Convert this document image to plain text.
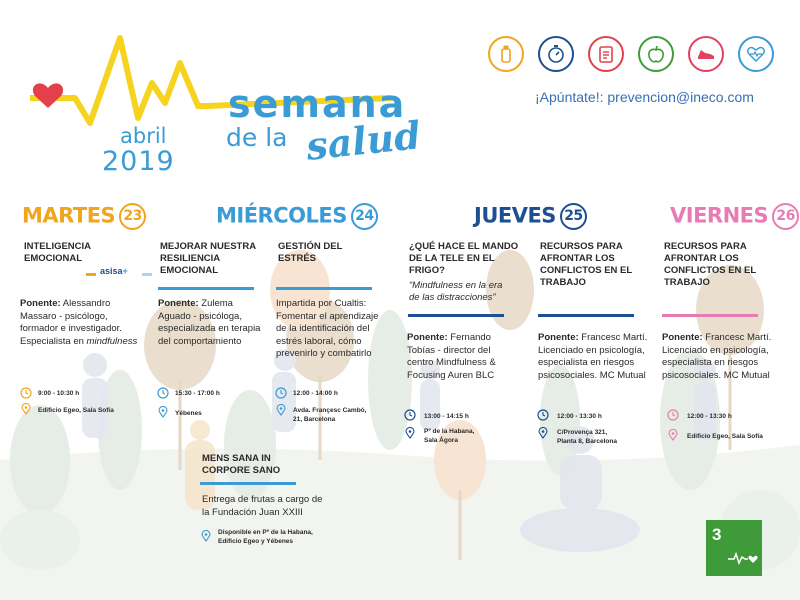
semana
de la salud
abril
2019
¡Apúntate!: prevencion@ineco.com
MARTES 23	MIÉRCOLES 24	JUEVES 25	VIERNES 26
INTELIGENCIA
EMOCIONAL
asisa+
Ponente: Alessandro
Massaro - psicólogo,
formador e investigador.
Especialista en mindfulness
9:00 - 10:30 h
Edificio Egeo, Sala Sofía
MEJORAR NUESTRA
RESILIENCIA
EMOCIONAL
Ponente: Zulema
Aguado - psicóloga,
especializada en terapia
del comportamiento
15:30 - 17:00 h
Yébenes
GESTIÓN DEL
ESTRÉS
Impartida por Cualtis:
Fomentar el aprendizaje
de la identificación del
estrés laboral, cómo
prevenirlo y combatirlo
12:00 - 14:00 h
Avda. Françesc Cambó,
21, Barcelona
MENS SANA IN
CORPORE SANO
Entrega de frutas a cargo de
la Fundación Juan XXIII
Disponible en Pº de la Habana,
Edificio Egeo y Yébenes
¿QUÉ HACE EL MANDO
DE LA TELE EN EL
FRIGO?
“Mindfulness en la era
de las distracciones”
Ponente: Fernando
Tobías - director del
centro Mindfulness &
Focusing Auren BLC
13:00 - 14:15 h
Pº de la Habana,
Sala Ágora
RECURSOS PARA
AFRONTAR LOS
CONFLICTOS EN EL
TRABAJO
Ponente: Francesc Martí.
Licenciado en psicología,
especialista en riesgos
psicosociales. MC Mutual
12:00 - 13:30 h
C/Provença 321,
Planta 8, Barcelona
RECURSOS PARA
AFRONTAR LOS
CONFLICTOS EN EL
TRABAJO
Ponente: Francesc Martí.
Licenciado en psicología,
especialista en riesgos
psicosociales. MC Mutual
12:00 - 13:30 h
Edificio Egeo, Sala Sofía
3
